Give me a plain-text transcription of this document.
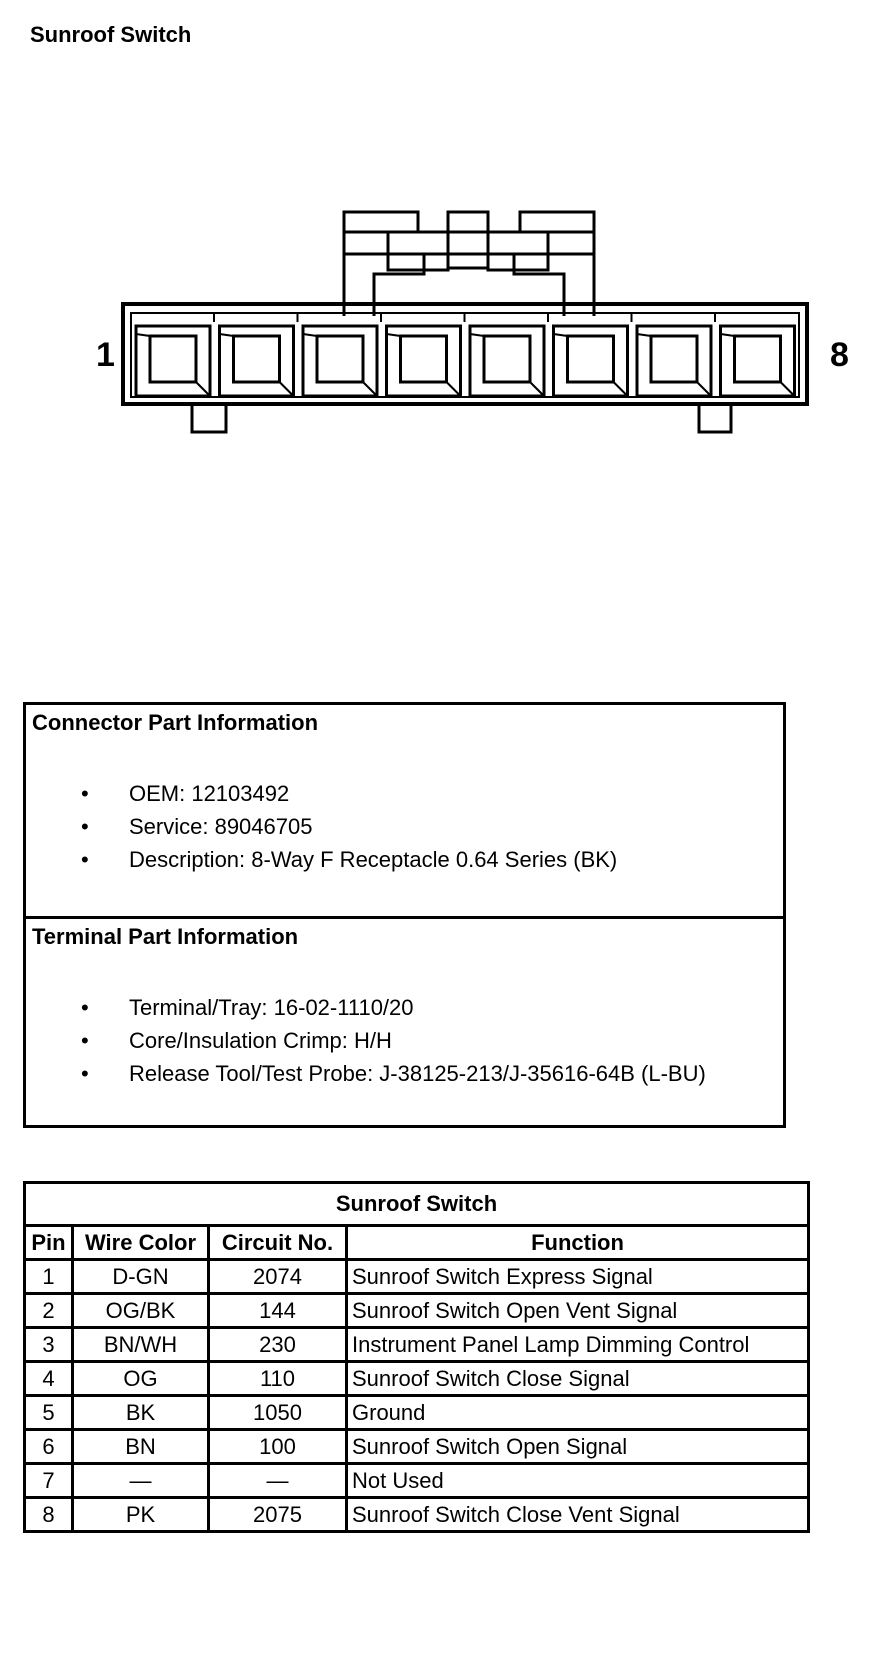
Sunroof Switch
1	8
Connector Part Information
• OEM: 12103492
• Service: 89046705
• Description: 8-Way F Receptacle 0.64 Series (BK)
Terminal Part Information
• Terminal/Tray: 16-02-1110/20
• Core/Insulation Crimp: H/H
• Release Tool/Test Probe: J-38125-213/J-35616-64B (L-BU)
Sunroof Switch			
Pin	Wire Color	Circuit No.	Function
1	D-GN	2074	Sunroof Switch Express Signal
2	OG/BK	144	Sunroof Switch Open Vent Signal
3	BN/WH	230	Instrument Panel Lamp Dimming Control
4	OG	110	Sunroof Switch Close Signal
5	BK	1050	Ground
6	BN	100	Sunroof Switch Open Signal
7	—	—	Not Used
8	PK	2075	Sunroof Switch Close Vent Signal
